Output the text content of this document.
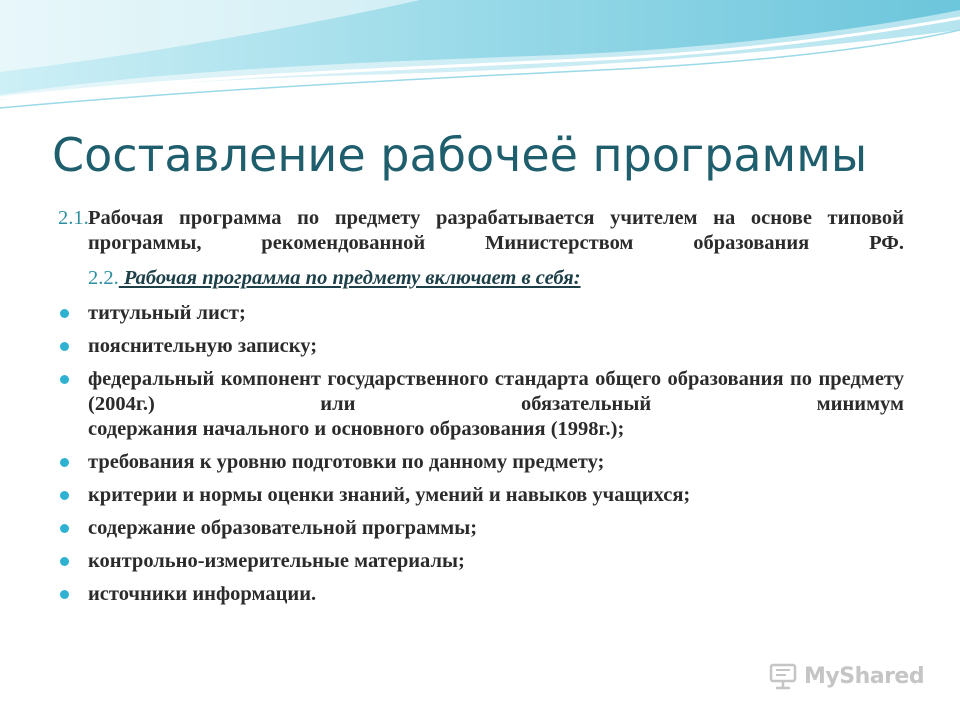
Составление рабочеё программы
2.1. Рабочая программа по предмету разрабатывается учителем на основе типовой программы, рекомендованной Министерством образования РФ.
2.2. Рабочая программа по предмету включает в себя:
титульный лист;
пояснительную записку;
федеральный компонент государственного стандарта общего образования по предмету (2004г.) или обязательный минимум
содержания начального и основного образования (1998г.);
требования к уровню подготовки по данному предмету;
критерии и нормы оценки знаний, умений и навыков учащихся;
содержание образовательной программы;
контрольно-измерительные материалы;
источники информации.
MyShared
